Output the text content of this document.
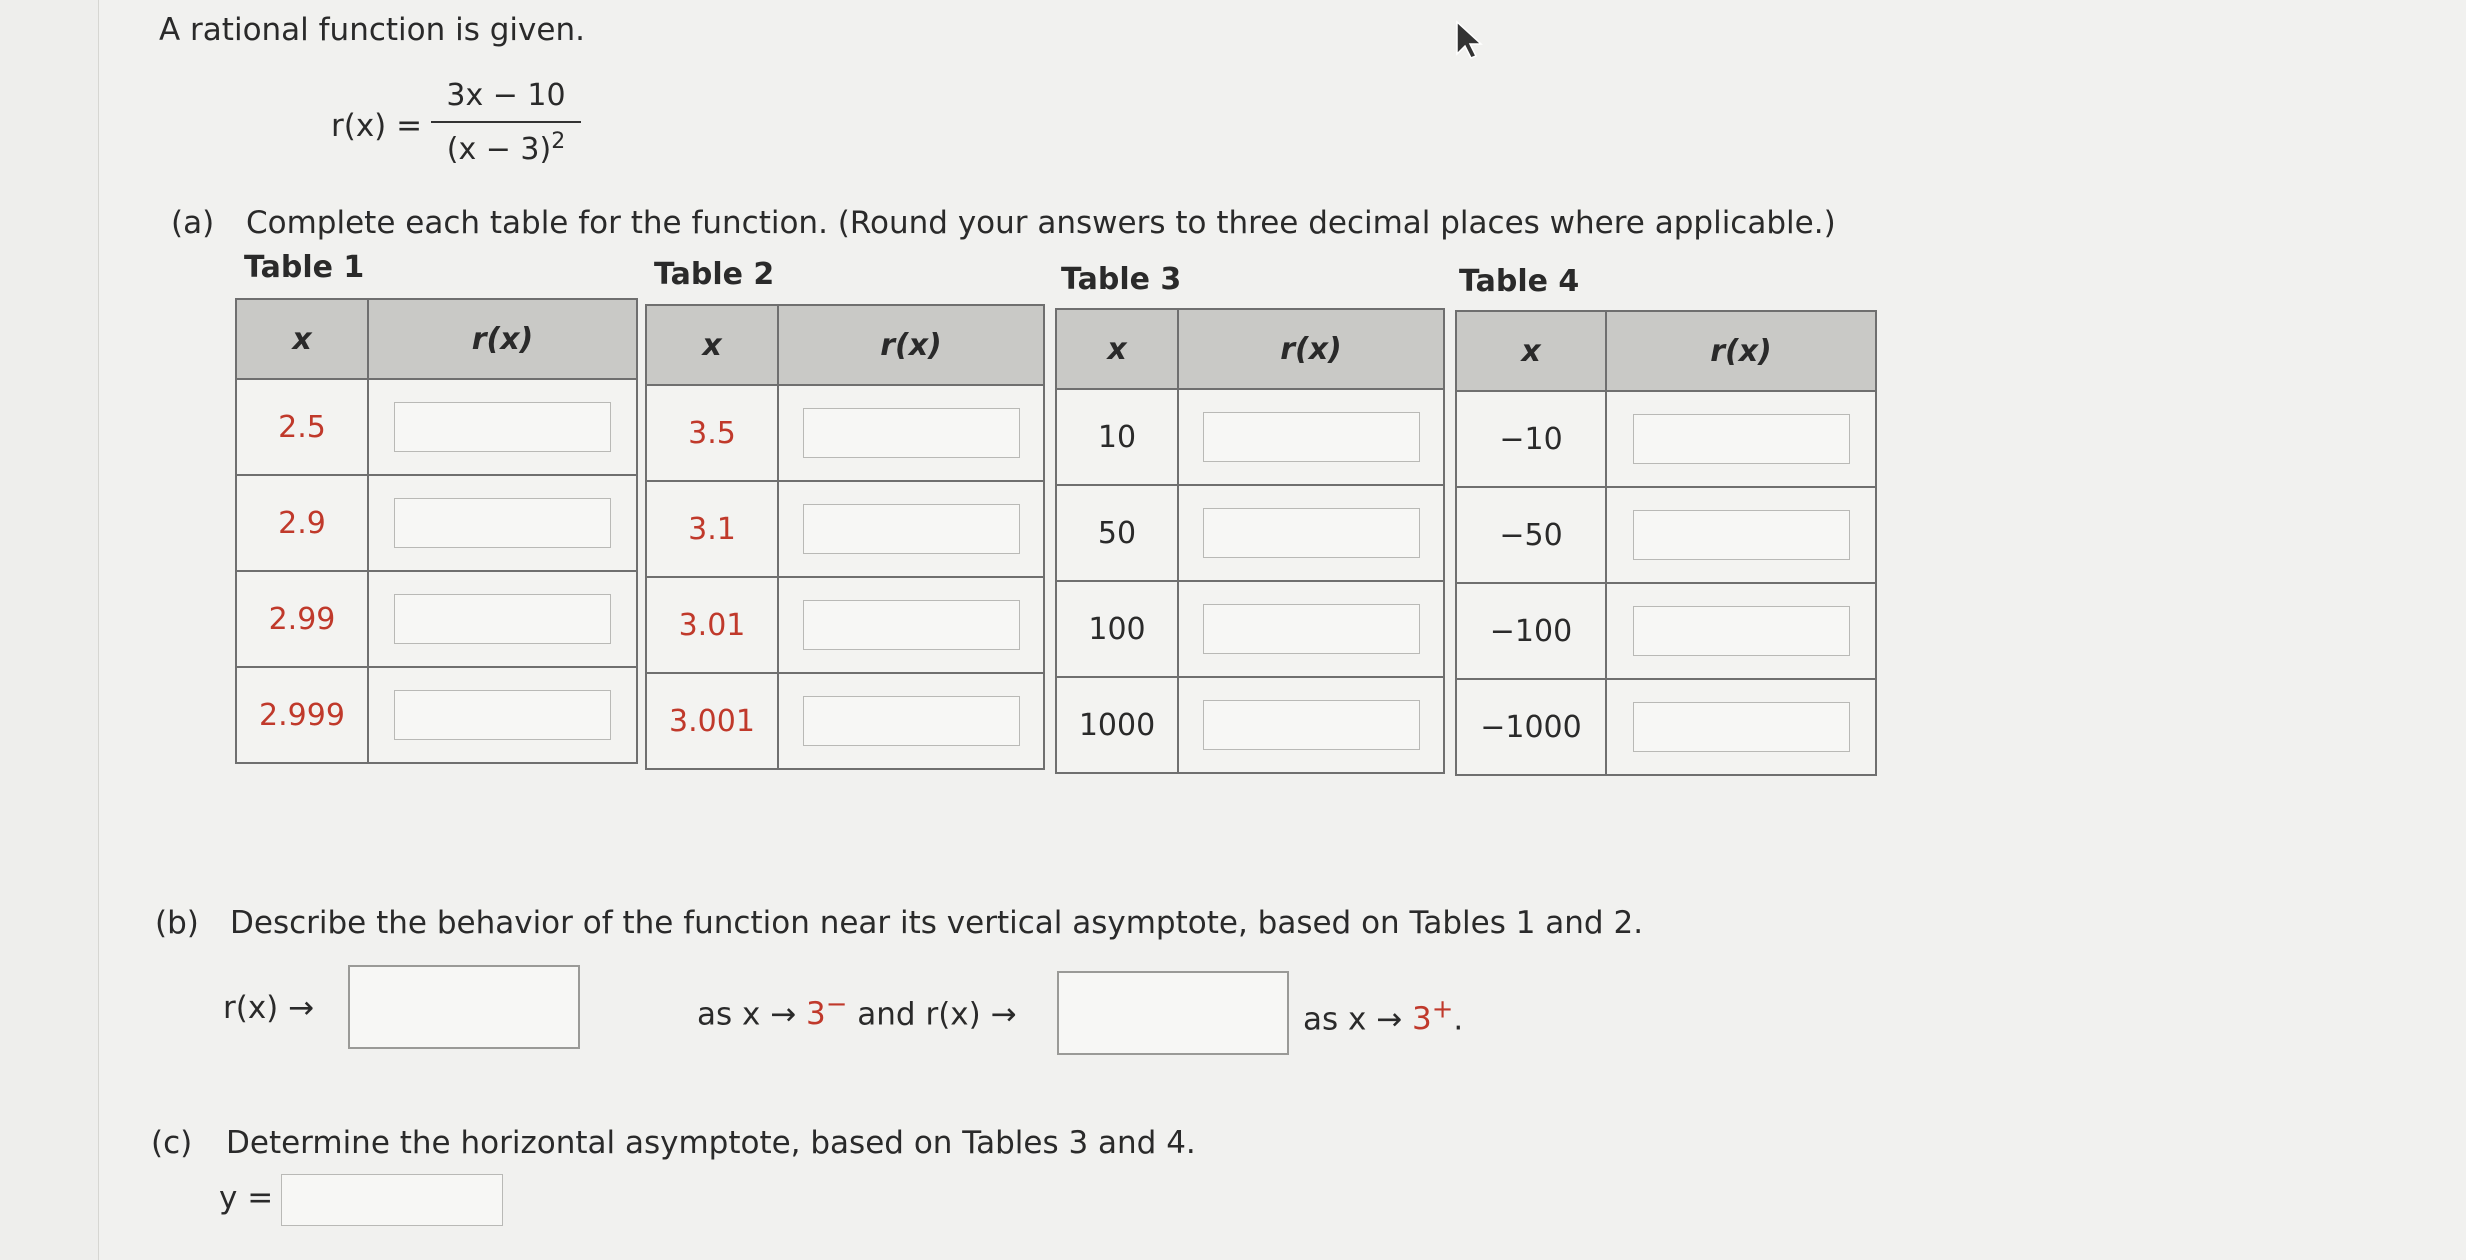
A rational function is given.
r(x) =
3x − 10
$(x - 3)^2$
(a) Complete each table for the function. (Round your answers to three decimal places where applicable.)
Table 1	Table 2	Table 3	Table 4
x	r(x)
2.5	
2.9	
2.99	
2.999	
x	r(x)
3.5	
3.1	
3.01	
3.001	
x	r(x)
10	
50	
100	
1000	
x	r(x)
−10	
−50	
−100	
−1000	
(b) Describe the behavior of the function near its vertical asymptote, based on Tables 1 and 2.
r(x) →	as x → 3− and r(x) →	as x → 3+.
(c) Determine the horizontal asymptote, based on Tables 3 and 4.
y =
